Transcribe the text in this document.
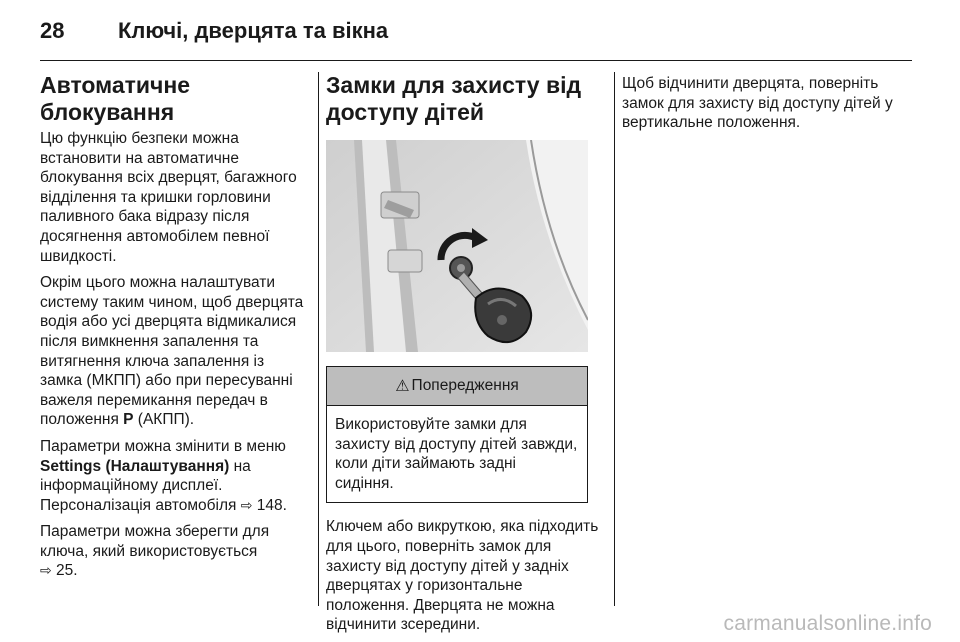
28 Ключі, дверцята та вікна
Автоматичне блокування

Цю функцію безпеки можна встановити на автоматичне блокування всіх дверцят, багажного відділення та кришки горловини паливного бака відразу після досягнення автомобілем певної швидкості.

Окрім цього можна налаштувати систему таким чином, щоб дверцята водія або усі дверцята відмикалися після вимкнення запалення та витягнення ключа запалення із замка (МКПП) або при пересуванні важеля перемикання передач в положення P (АКПП).

Параметри можна змінити в меню Settings (Налаштування) на інформаційному дисплеї. Персоналізація автомобіля ⇨ 148.

Параметри можна зберегти для ключа, який використовується
⇨ 25.

Замки для захисту від доступу дітей
⚠ Попередження
Використовуйте замки для захисту від доступу дітей завжди, коли діти займають задні сидіння.

Ключем або викруткою, яка підходить для цього, поверніть замок для захисту від доступу дітей у задніх дверцятах у горизонтальне положення. Дверцята не можна відчинити зсередини.

Щоб відчинити дверцята, поверніть замок для захисту від доступу дітей у вертикальне положення.

carmanualsonline.info
